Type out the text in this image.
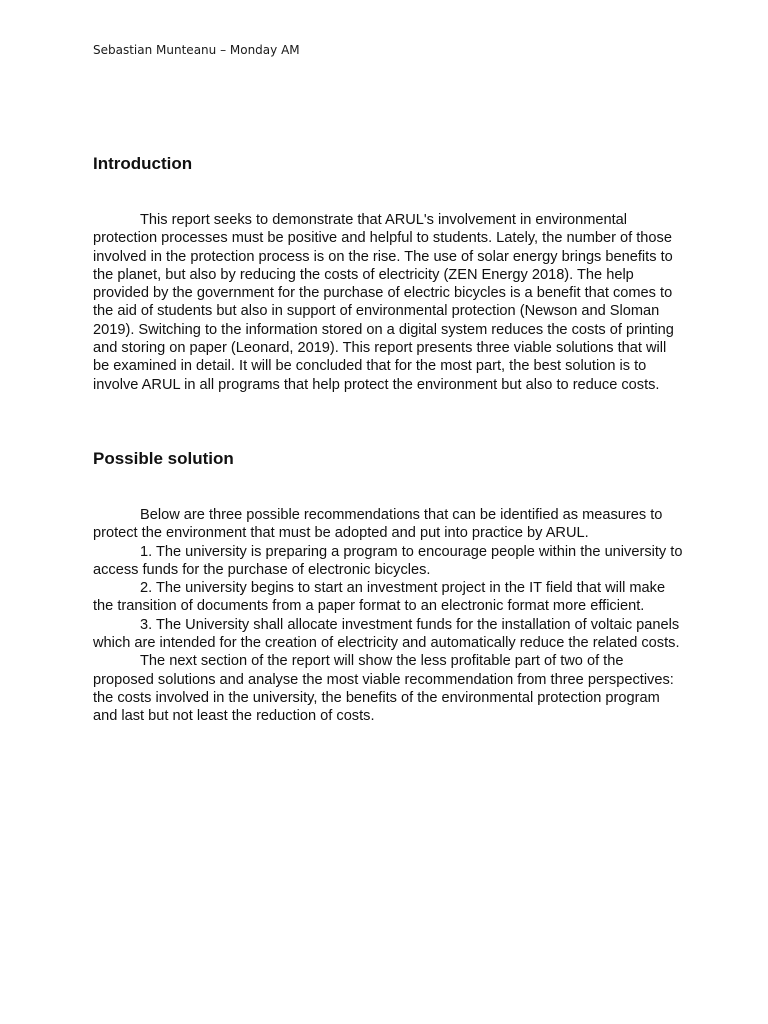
Sebastian Munteanu – Monday AM
Introduction

This report seeks to demonstrate that ARUL's involvement in environmental protection processes must be positive and helpful to students. Lately, the number of those involved in the protection process is on the rise. The use of solar energy brings benefits to the planet, but also by reducing the costs of electricity (ZEN Energy 2018). The help provided by the government for the purchase of electric bicycles is a benefit that comes to the aid of students but also in support of environmental protection (Newson and Sloman 2019). Switching to the information stored on a digital system reduces the costs of printing and storing on paper (Leonard, 2019). This report presents three viable solutions that will be examined in detail. It will be concluded that for the most part, the best solution is to involve ARUL in all programs that help protect the environment but also to reduce costs.

Possible solution

Below are three possible recommendations that can be identified as measures to protect the environment that must be adopted and put into practice by ARUL.

1. The university is preparing a program to encourage people within the university to access funds for the purchase of electronic bicycles.

2. The university begins to start an investment project in the IT field that will make the transition of documents from a paper format to an electronic format more efficient.

3. The University shall allocate investment funds for the installation of voltaic panels which are intended for the creation of electricity and automatically reduce the related costs.

The next section of the report will show the less profitable part of two of the proposed solutions and analyse the most viable recommendation from three perspectives: the costs involved in the university, the benefits of the environmental protection program and last but not least the reduction of costs.
